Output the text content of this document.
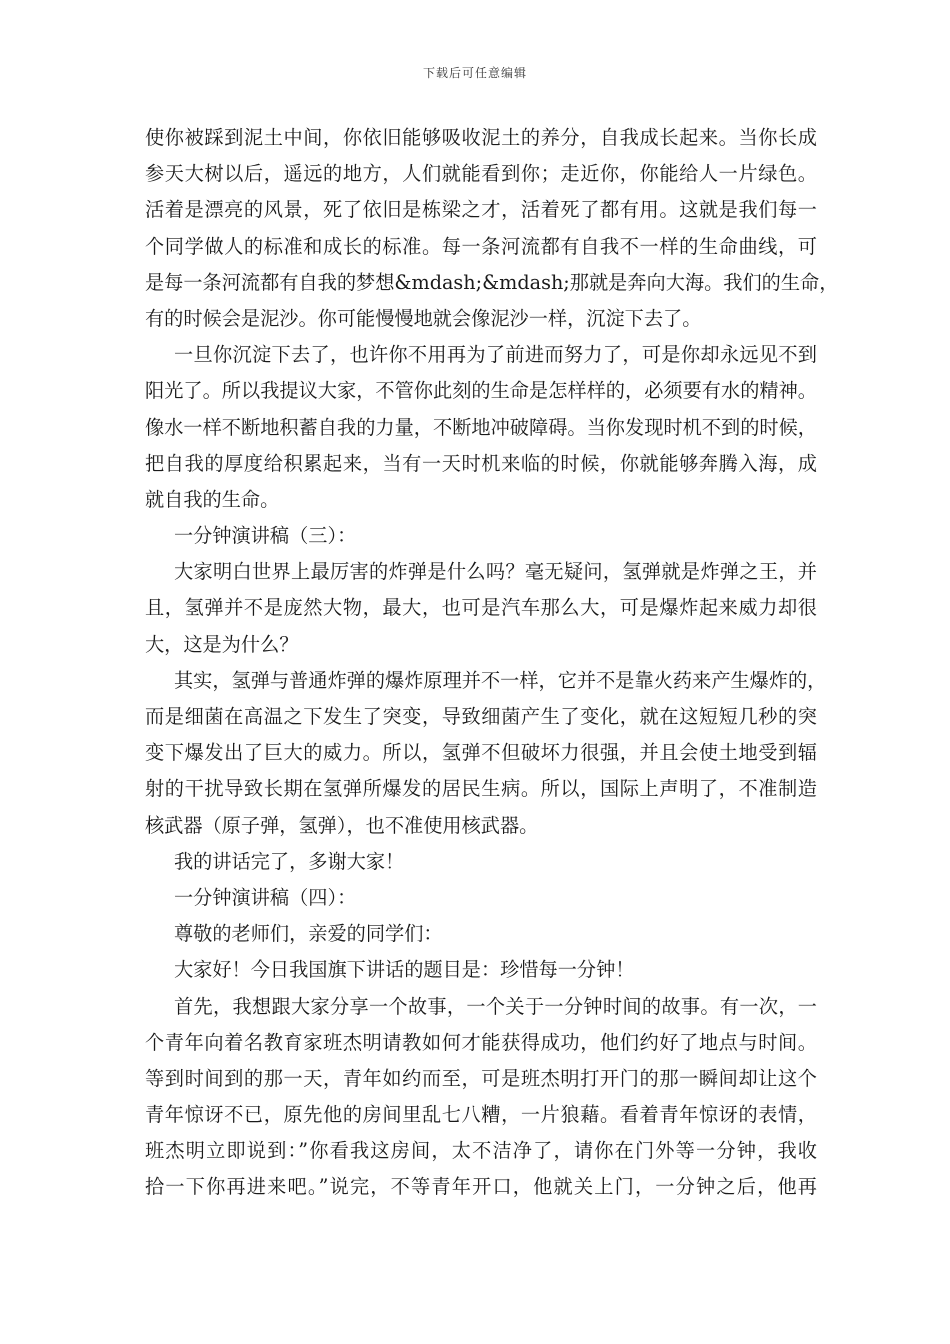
下载后可任意编辑
使你被踩到泥土中间，你依旧能够吸收泥土的养分，自我成长起来。当你长成
参天大树以后，遥远的地方，人们就能看到你；走近你，你能给人一片绿色。
活着是漂亮的风景，死了依旧是栋梁之才，活着死了都有用。这就是我们每一
个同学做人的标准和成长的标准。每一条河流都有自我不一样的生命曲线，可
是每一条河流都有自我的梦想&mdash;&mdash;那就是奔向大海。我们的生命，
有的时候会是泥沙。你可能慢慢地就会像泥沙一样，沉淀下去了。
一旦你沉淀下去了，也许你不用再为了前进而努力了，可是你却永远见不到
阳光了。所以我提议大家，不管你此刻的生命是怎样样的，必须要有水的精神。
像水一样不断地积蓄自我的力量，不断地冲破障碍。当你发现时机不到的时候，
把自我的厚度给积累起来，当有一天时机来临的时候，你就能够奔腾入海，成
就自我的生命。
一分钟演讲稿（三）：
大家明白世界上最厉害的炸弹是什么吗？毫无疑问，氢弹就是炸弹之王，并
且，氢弹并不是庞然大物，最大，也可是汽车那么大，可是爆炸起来威力却很
大，这是为什么？
其实，氢弹与普通炸弹的爆炸原理并不一样，它并不是靠火药来产生爆炸的，
而是细菌在高温之下发生了突变，导致细菌产生了变化，就在这短短几秒的突
变下爆发出了巨大的威力。所以，氢弹不但破坏力很强，并且会使土地受到辐
射的干扰导致长期在氢弹所爆发的居民生病。所以，国际上声明了，不准制造
核武器（原子弹，氢弹），也不准使用核武器。
我的讲话完了，多谢大家！
一分钟演讲稿（四）：
尊敬的老师们，亲爱的同学们：
大家好！今日我国旗下讲话的题目是：珍惜每一分钟！
首先，我想跟大家分享一个故事，一个关于一分钟时间的故事。有一次，一
个青年向着名教育家班杰明请教如何才能获得成功，他们约好了地点与时间。
等到时间到的那一天，青年如约而至，可是班杰明打开门的那一瞬间却让这个
青年惊讶不已，原先他的房间里乱七八糟，一片狼藉。看着青年惊讶的表情，
班杰明立即说到：”你看我这房间，太不洁净了，请你在门外等一分钟，我收
拾一下你再进来吧。”说完，不等青年开口，他就关上门，一分钟之后，他再
